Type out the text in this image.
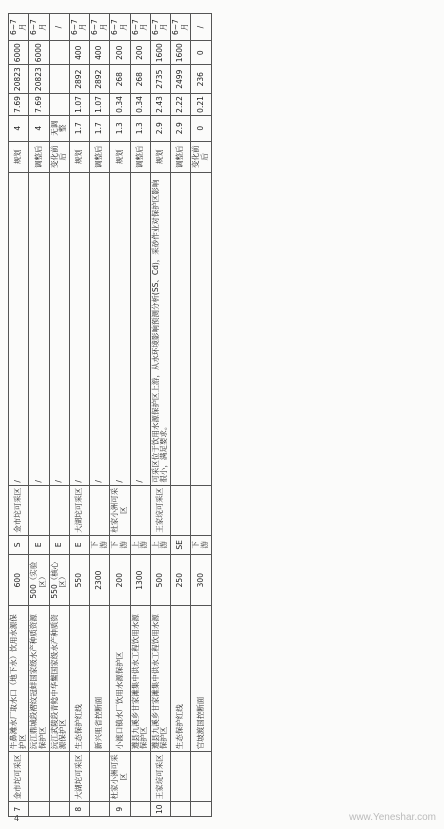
7	金市坨可采区	牛鼻滩水厂取水口（地下水）饮用水源保护区	600	S	金市坨可采区	/	规划	4	7.69	20823	6000	6~7月
		沅江鼎城段褶纹冠蚌国家级水产种质资源保护区	500（实验区）	E		/	调整后	4	7.69	20823	6000	6~7月
		沅江武陵段青鲶中华鳖国家级水产种质资源保护区	550（核心区）	E		/	变化前后	无调整				/
8	大湖坨可采区	生态保护红线	550	E	大湖坨可采区	/	规划	1.7	1.07	2892	400	6~7月
		新兴咀省控断面	2300	下游		/	调整后	1.7	1.07	2892	400	6~7月
9	杜家小洲可采区	小渡口镇水厂饮用水源保护区	200	下游	杜家小洲可采区	/	规划	1.3	0.34	268	200	6~7月
		遵县九溪乡甘家滩集中供水工程饮用水源保护区	1300	上游		/	调整后	1.3	0.34	268	200	6~7月
10	王家垸可采区	遵县九溪乡甘家滩集中供水工程饮用水源保护区	500	上游	王家垸可采区	可采区位于饮用水源保护区上游，从水环境影响预测分析(SS、Cd)，采砂作业对保护区影响很小，满足要求。	规划	2.9	2.43	2735	1600	6~7月
		生态保护红线	250	SE			调整后	2.9	2.22	2499	1600	6~7月
		官坡渡国控断面	300	下游			变化前后	0	0.21	236	0	/
4	www.Yeneshar.com
